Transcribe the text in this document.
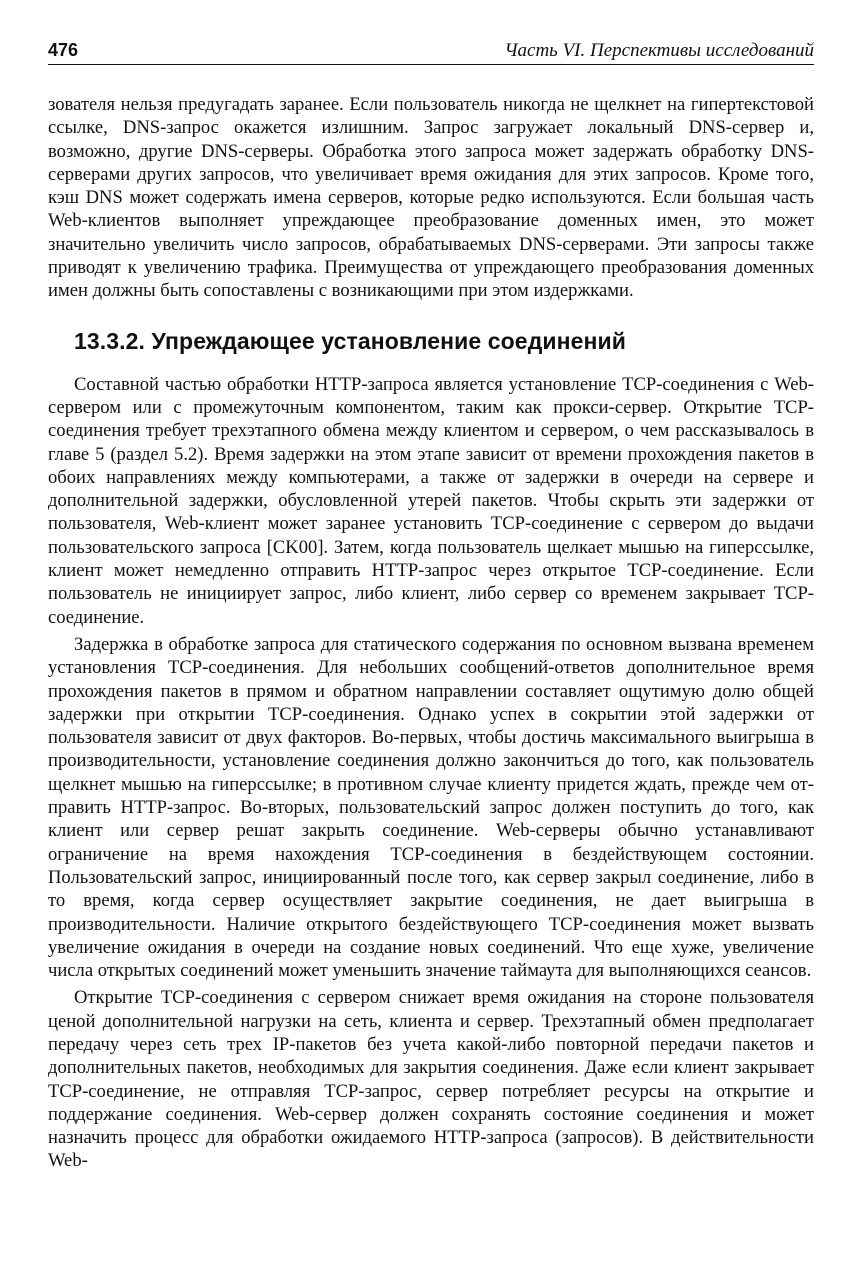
476	Часть VI. Перспективы исследований

зователя нельзя предугадать заранее. Если пользователь никогда не щелкнет на гипертекстовой ссылке, DNS-запрос окажется излишним. Запрос загружает локальный DNS-сервер и, возможно, другие DNS-серверы. Обработка этого запроса может задержать обработку DNS-серверами других запросов, что увеличивает время ожидания для этих запросов. Кроме того, кэш DNS может содержать имена серверов, которые редко используются. Если большая часть Web-клиентов выполняет упреждающее преобразование доменных имен, это может значительно увеличить число запросов, обрабатываемых DNS-серверами. Эти запросы также приводят к увеличению трафика. Преимущества от упреждающего преобразования доменных имен должны быть сопоставлены с возникающими при этом издержками.

13.3.2. Упреждающее установление соединений

Составной частью обработки HTTP-запроса является установление TCP-соединения с Web-сервером или с промежуточным компонентом, таким как прокси-сервер. Открытие TCP-соединения требует трехэтапного обмена между клиентом и сервером, о чем рассказывалось в главе 5 (раздел 5.2). Время задержки на этом этапе зависит от времени прохождения пакетов в обоих направлениях между компьютерами, а также от задержки в очереди на сервере и дополнительной задержки, обусловленной утерей пакетов. Чтобы скрыть эти задержки от пользователя, Web-клиент может заранее установить TCP-соединение с сервером до выдачи пользовательского запроса [CK00]. Затем, когда пользователь щелкает мышью на гиперссылке, клиент может немедленно отправить HTTP-запрос через открытое TCP-соединение. Если пользователь не инициирует запрос, либо клиент, либо сервер со временем закрывает TCP-соединение.

Задержка в обработке запроса для статического содержания по основном вызвана временем установления TCP-соединения. Для небольших сообщений-ответов дополнительное время прохождения пакетов в прямом и обратном направлении составляет ощутимую долю общей задержки при открытии TCP-соединения. Однако успех в сокрытии этой задержки от пользователя зависит от двух факторов. Во-первых, чтобы достичь максимального выигрыша в производительности, установление соединения должно закончиться до того, как пользователь щелкнет мышью на гиперссылке; в противном случае клиенту придется ждать, прежде чем отправить HTTP-запрос. Во-вторых, пользовательский запрос должен поступить до того, как клиент или сервер решат закрыть соединение. Web-серверы обычно устанавливают ограничение на время нахождения TCP-соединения в бездействующем состоянии. Пользовательский запрос, инициированный после того, как сервер закрыл соединение, либо в то время, когда сервер осуществляет закрытие соединения, не дает выигрыша в производительности. Наличие открытого бездействующего TCP-соединения может вызвать увеличение ожидания в очереди на создание новых соединений. Что еще хуже, увеличение числа открытых соединений может уменьшить значение таймаута для выполняющихся сеансов.

Открытие TCP-соединения с сервером снижает время ожидания на стороне пользователя ценой дополнительной нагрузки на сеть, клиента и сервер. Трехэтапный обмен предполагает передачу через сеть трех IP-пакетов без учета какой-либо повторной передачи пакетов и дополнительных пакетов, необходимых для закрытия соединения. Даже если клиент закрывает TCP-соединение, не отправляя TCP-запрос, сервер потребляет ресурсы на открытие и поддержание соединения. Web-сервер должен сохранять состояние соединения и может назначить процесс для обработки ожидаемого HTTP-запроса (запросов). В действительности Web-
